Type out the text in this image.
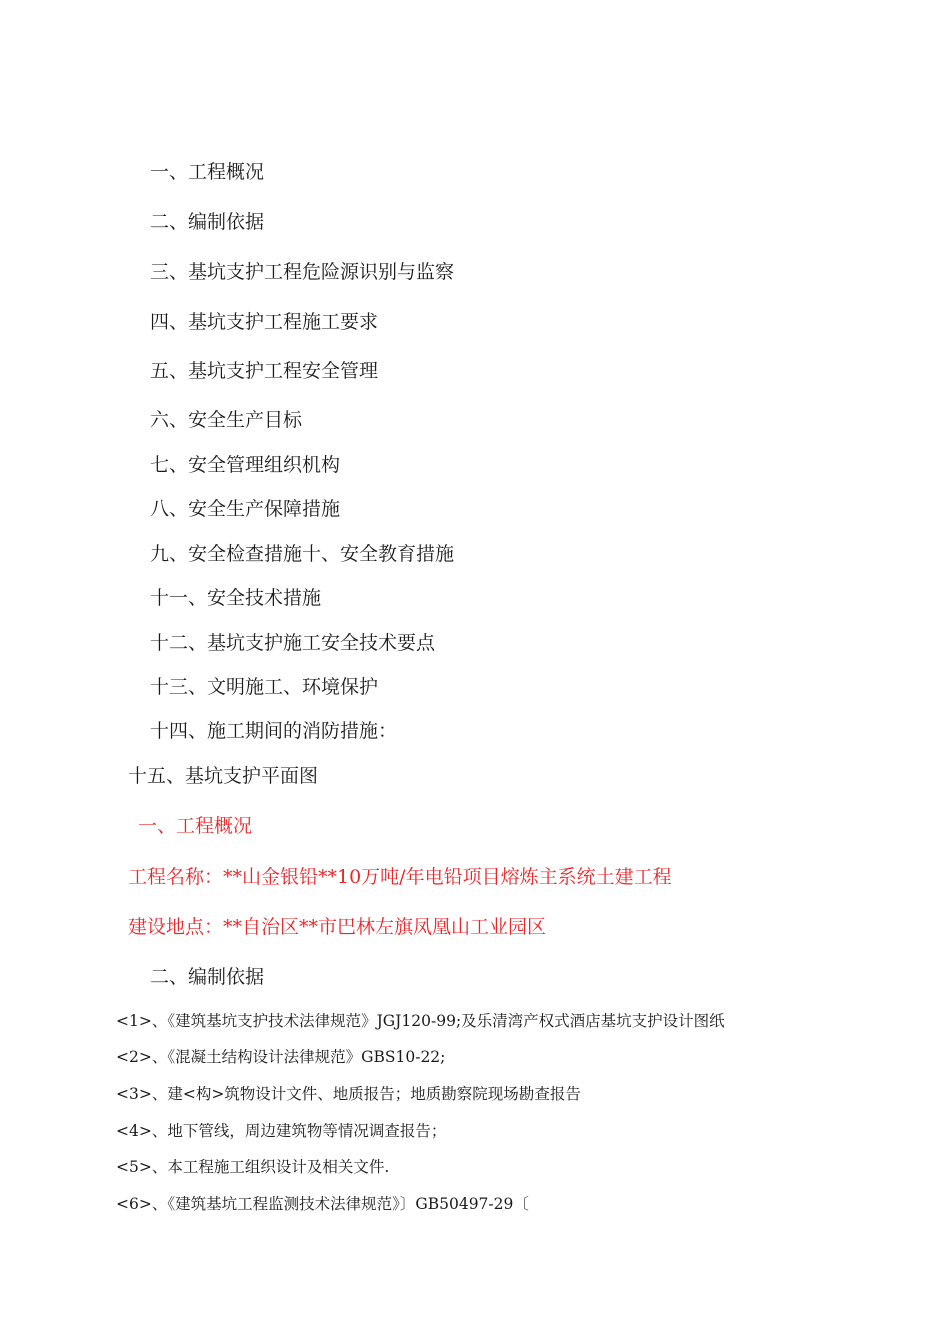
一、工程概况
二、编制依据
三、基坑支护工程危险源识别与监察
四、基坑支护工程施工要求
五、基坑支护工程安全管理
六、安全生产目标
七、安全管理组织机构
八、安全生产保障措施
九、安全检查措施十、安全教育措施
十一、安全技术措施
十二、基坑支护施工安全技术要点
十三、文明施工、环境保护
十四、施工期间的消防措施：
十五、基坑支护平面图
一、工程概况
工程名称：**山金银铅**10万吨/年电铅项目熔炼主系统土建工程
建设地点：**自治区**市巴林左旗凤凰山工业园区
二、编制依据
<1>、《建筑基坑支护技术法律规范》JGJ120-99;及乐清湾产权式酒店基坑支护设计图纸
<2>、《混凝土结构设计法律规范》GBS10-22;
<3>、建<构>筑物设计文件、地质报告；地质勘察院现场勘查报告
<4>、地下管线，周边建筑物等情况调查报告；
<5>、本工程施工组织设计及相关文件.
<6>、《建筑基坑工程监测技术法律规范》〕GB50497-29〔
